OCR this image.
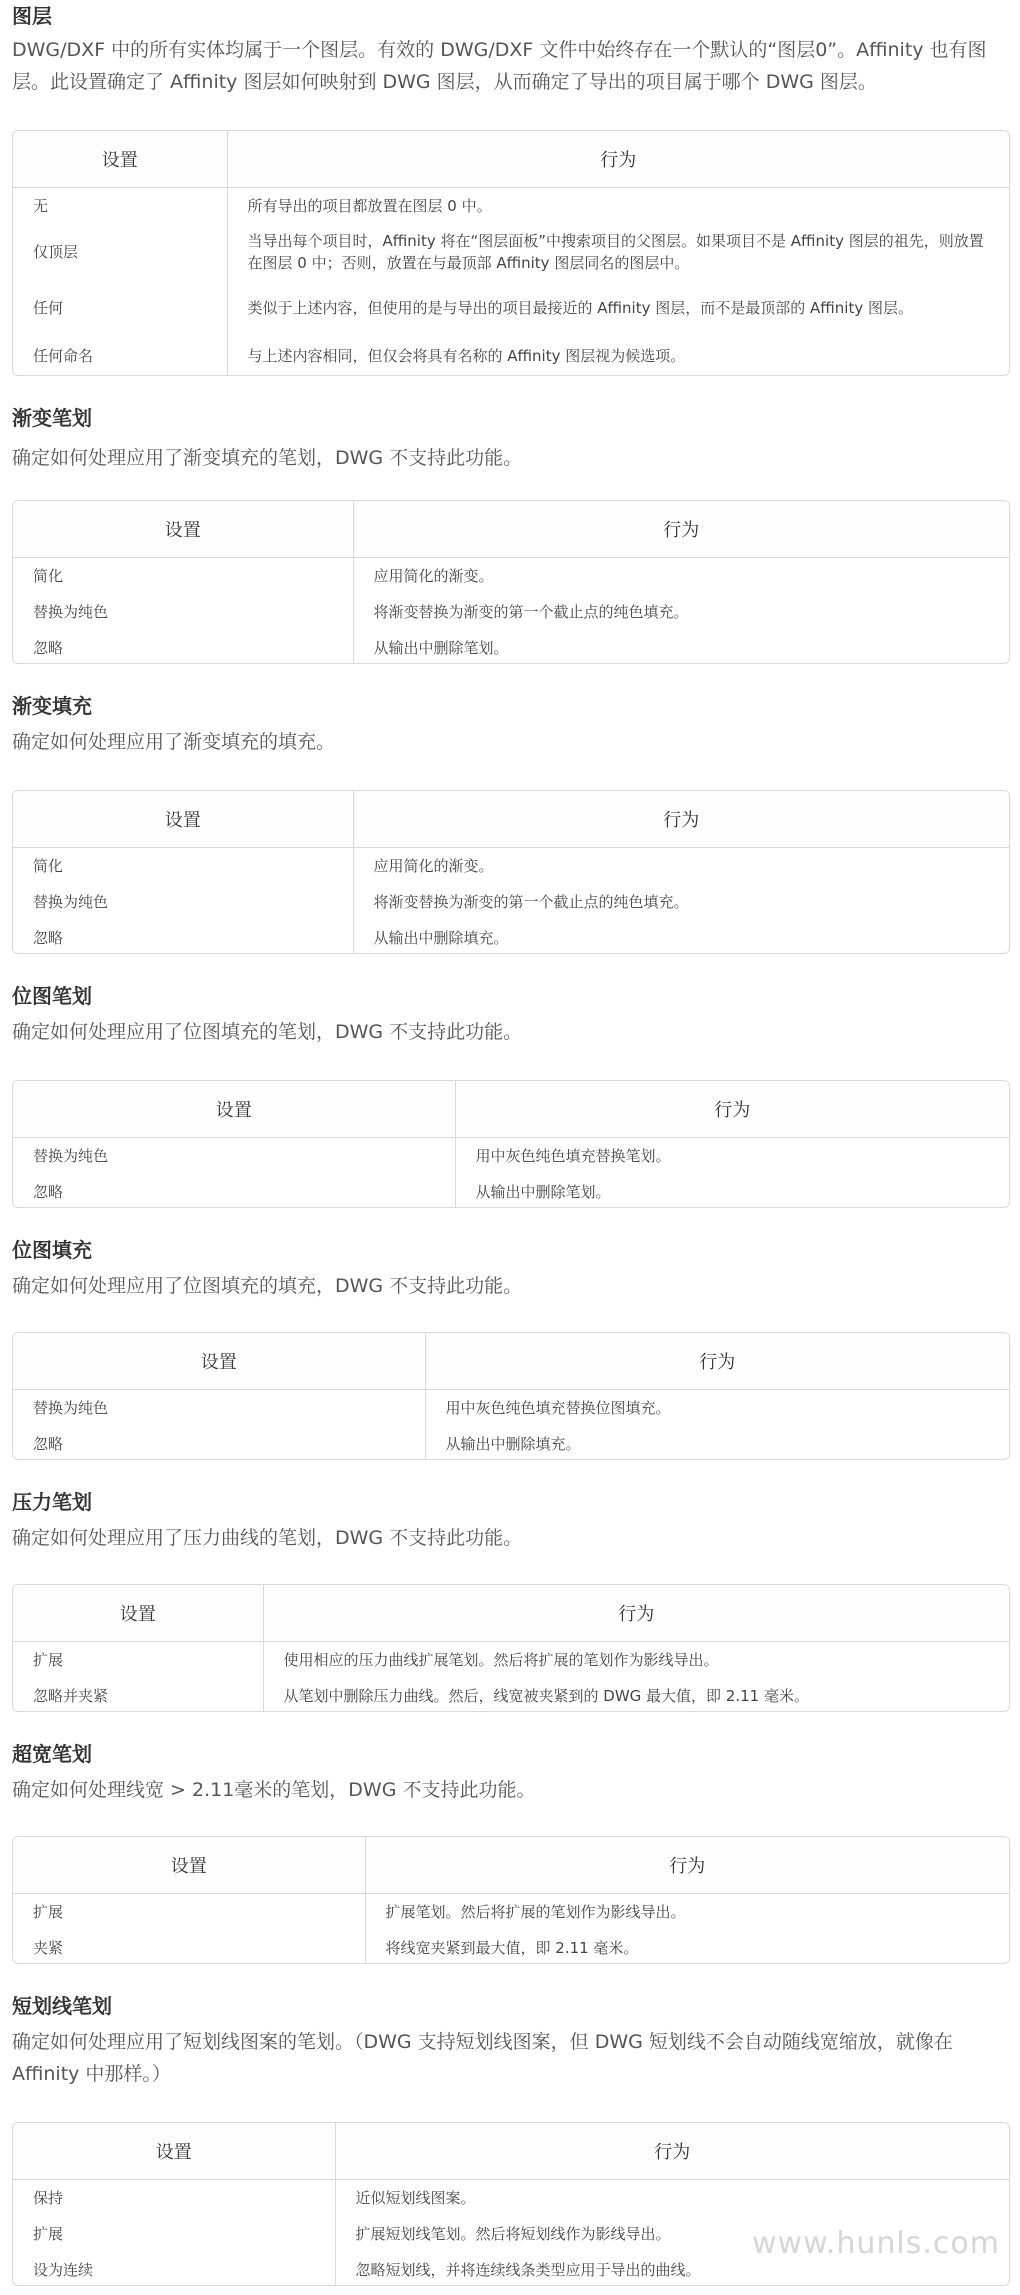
图层

DWG/DXF 中的所有实体均属于一个图层。有效的 DWG/DXF 文件中始终存在一个默认的“图层0”。Affinity 也有图层。此设置确定了 Affinity 图层如何映射到 DWG 图层，从而确定了导出的项目属于哪个 DWG 图层。

设置	行为
无	所有导出的项目都放置在图层 0 中。
仅顶层	当导出每个项目时，Affinity 将在“图层面板”中搜索项目的父图层。如果项目不是 Affinity 图层的祖先，则放置在图层 0 中；否则，放置在与最顶部 Affinity 图层同名的图层中。
任何	类似于上述内容，但使用的是与导出的项目最接近的 Affinity 图层，而不是最顶部的 Affinity 图层。
任何命名	与上述内容相同，但仅会将具有名称的 Affinity 图层视为候选项。
渐变笔划

确定如何处理应用了渐变填充的笔划，DWG 不支持此功能。

设置	行为
简化	应用简化的渐变。
替换为纯色	将渐变替换为渐变的第一个截止点的纯色填充。
忽略	从输出中删除笔划。
渐变填充

确定如何处理应用了渐变填充的填充。

设置	行为
简化	应用简化的渐变。
替换为纯色	将渐变替换为渐变的第一个截止点的纯色填充。
忽略	从输出中删除填充。
位图笔划

确定如何处理应用了位图填充的笔划，DWG 不支持此功能。

设置	行为
替换为纯色	用中灰色纯色填充替换笔划。
忽略	从输出中删除笔划。
位图填充

确定如何处理应用了位图填充的填充，DWG 不支持此功能。

设置	行为
替换为纯色	用中灰色纯色填充替换位图填充。
忽略	从输出中删除填充。
压力笔划

确定如何处理应用了压力曲线的笔划，DWG 不支持此功能。

设置	行为
扩展	使用相应的压力曲线扩展笔划。然后将扩展的笔划作为影线导出。
忽略并夹紧	从笔划中删除压力曲线。然后，线宽被夹紧到的 DWG 最大值，即 2.11 毫米。
超宽笔划

确定如何处理线宽 > 2.11毫米的笔划，DWG 不支持此功能。

设置	行为
扩展	扩展笔划。然后将扩展的笔划作为影线导出。
夹紧	将线宽夹紧到最大值，即 2.11 毫米。
短划线笔划

确定如何处理应用了短划线图案的笔划。（DWG 支持短划线图案，但 DWG 短划线不会自动随线宽缩放，就像在 Affinity 中那样。）

设置	行为
保持	近似短划线图案。
扩展	扩展短划线笔划。然后将短划线作为影线导出。
设为连续	忽略短划线，并将连续线条类型应用于导出的曲线。
www.hunls.com
